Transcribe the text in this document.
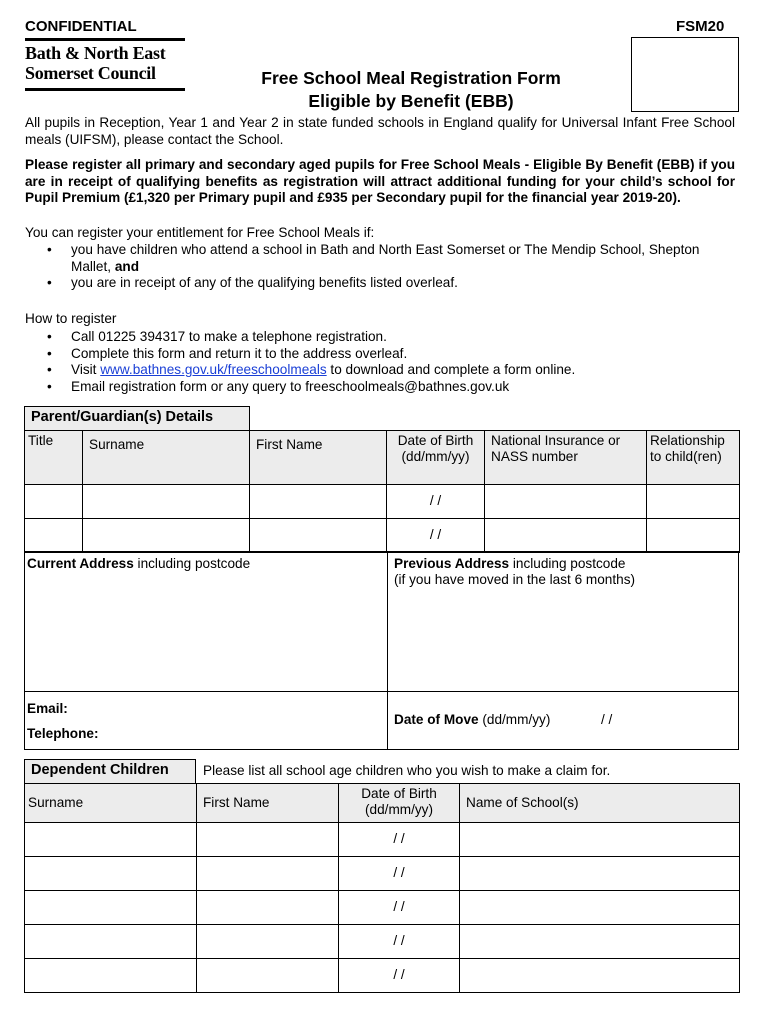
CONFIDENTIAL	FSM20
Bath & North East
Somerset Council	Free School Meal Registration Form
Eligible by Benefit (EBB)
All pupils in Reception, Year 1 and Year 2 in state funded schools in England qualify for Universal Infant Free School meals (UIFSM), please contact the School.
Please register all primary and secondary aged pupils for Free School Meals - Eligible By Benefit (EBB) if you are in receipt of qualifying benefits as registration will attract additional funding for your child’s school for Pupil Premium (£1,320 per Primary pupil and £935 per Secondary pupil for the financial year 2019-20).
You can register your entitlement for Free School Meals if:
• you have children who attend a school in Bath and North East Somerset or The Mendip School, Shepton Mallet, and
• you are in receipt of any of the qualifying benefits listed overleaf.
How to register
• Call 01225 394317 to make a telephone registration.
• Complete this form and return it to the address overleaf.
• Visit www.bathnes.gov.uk/freeschoolmeals to download and complete a form online.
• Email registration form or any query to freeschoolmeals@bathnes.gov.uk
Parent/Guardian(s) Details
Title	Surname	First Name	Date of Birth (dd/mm/yy)	National Insurance or NASS number	Relationship to child(ren)

			/ /		

			/ /		

Current Address including postcode	Previous Address including postcode
(if you have moved in the last 6 months)
Email:
Telephone:
Date of Move (dd/mm/yy)	/ /
Dependent Children	Please list all school age children who you wish to make a claim for.
Surname	First Name	Date of Birth (dd/mm/yy)	Name of School(s)

		/ /	

		/ /	

		/ /	

		/ /	

		/ /	
